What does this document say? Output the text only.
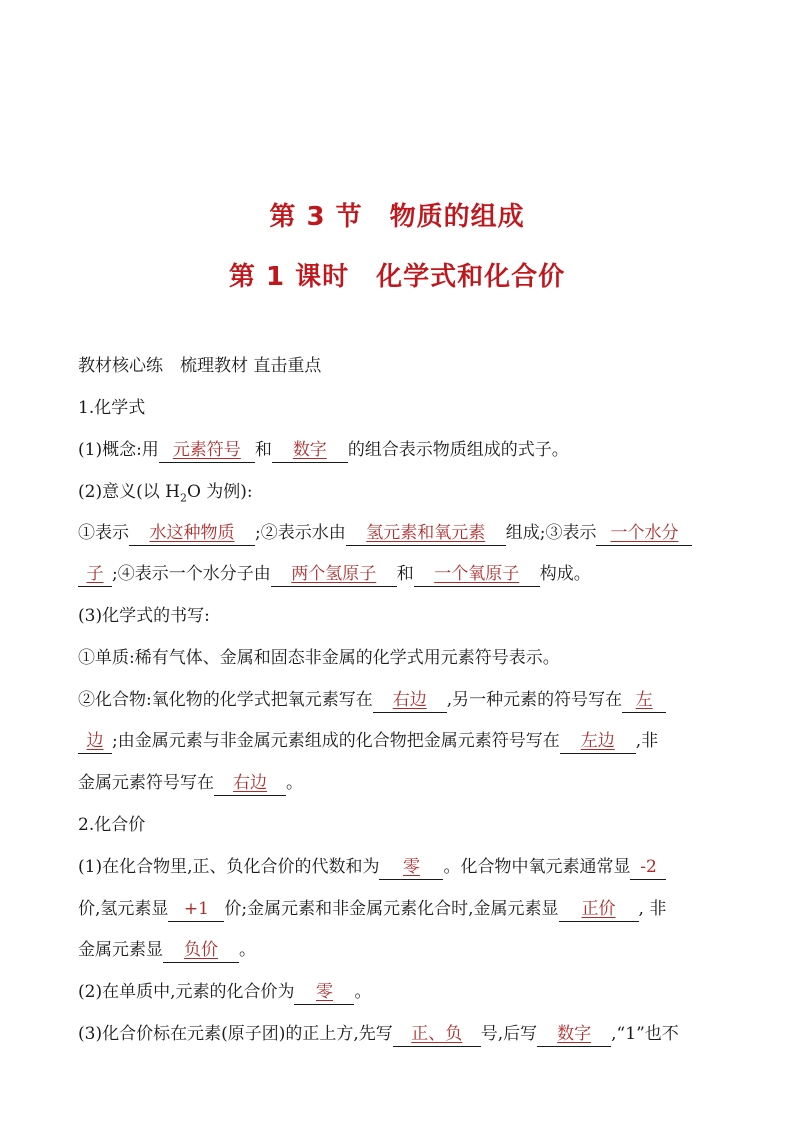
第 3 节　物质的组成
第 1 课时　化学式和化合价
教材核心练　梳理教材 直击重点
1.化学式
(1)概念:用 元素符号 和 数字 的组合表示物质组成的式子。
(2)意义(以 $H_2O$ 为例):
①表示 水这种物质 ;②表示水由 氢元素和氧元素 组成;③表示 一个水分
子 ;④表示一个水分子由 两个氢原子 和 一个氧原子 构成。
(3)化学式的书写:
①单质:稀有气体、金属和固态非金属的化学式用元素符号表示。
②化合物:氧化物的化学式把氧元素写在 右边 ,另一种元素的符号写在 左
边 ;由金属元素与非金属元素组成的化合物把金属元素符号写在 左边 ,非
金属元素符号写在 右边 。
2.化合价
(1)在化合物里,正、负化合价的代数和为 零 。化合物中氧元素通常显 -2
价,氢元素显 +1 价;金属元素和非金属元素化合时,金属元素显 正价 , 非
金属元素显 负价 。
(2)在单质中,元素的化合价为 零 。
(3)化合价标在元素(原子团)的正上方,先写 正、负 号,后写 数字 ,“1”也不
